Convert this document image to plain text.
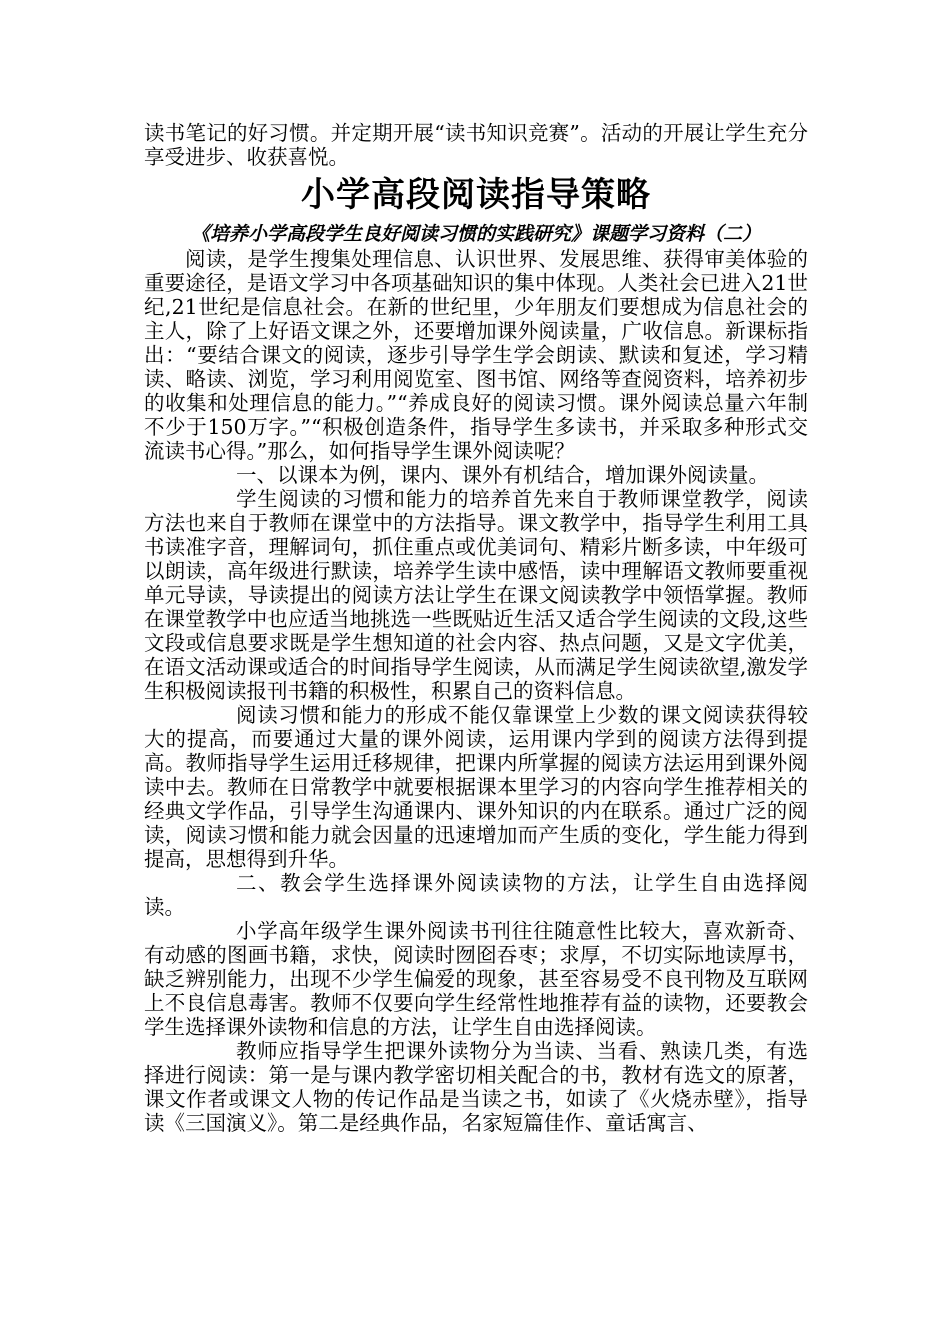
读书笔记的好习惯。并定期开展“读书知识竞赛”。活动的开展让学生充分享受进步、收获喜悦。

小学高段阅读指导策略
《培养小学高段学生良好阅读习惯的实践研究》课题学习资料（二）

阅读，是学生搜集处理信息、认识世界、发展思维、获得审美体验的重要途径，是语文学习中各项基础知识的集中体现。人类社会已进入21世纪,21世纪是信息社会。在新的世纪里，少年朋友们要想成为信息社会的主人，除了上好语文课之外，还要增加课外阅读量，广收信息。新课标指出：“要结合课文的阅读，逐步引导学生学会朗读、默读和复述，学习精读、略读、浏览，学习利用阅览室、图书馆、网络等查阅资料，培养初步的收集和处理信息的能力。”“养成良好的阅读习惯。课外阅读总量六年制不少于150万字。”“积极创造条件，指导学生多读书，并采取多种形式交流读书心得。”那么，如何指导学生课外阅读呢？

一、以课本为例，课内、课外有机结合，增加课外阅读量。

学生阅读的习惯和能力的培养首先来自于教师课堂教学，阅读方法也来自于教师在课堂中的方法指导。课文教学中，指导学生利用工具书读准字音，理解词句，抓住重点或优美词句、精彩片断多读，中年级可以朗读，高年级进行默读，培养学生读中感悟，读中理解语文教师要重视单元导读，导读提出的阅读方法让学生在课文阅读教学中领悟掌握。教师在课堂教学中也应适当地挑选一些既贴近生活又适合学生阅读的文段,这些文段或信息要求既是学生想知道的社会内容、热点问题，又是文字优美，在语文活动课或适合的时间指导学生阅读，从而满足学生阅读欲望,激发学生积极阅读报刊书籍的积极性，积累自己的资料信息。

阅读习惯和能力的形成不能仅靠课堂上少数的课文阅读获得较大的提高，而要通过大量的课外阅读，运用课内学到的阅读方法得到提高。教师指导学生运用迁移规律，把课内所掌握的阅读方法运用到课外阅读中去。教师在日常教学中就要根据课本里学习的内容向学生推荐相关的经典文学作品，引导学生沟通课内、课外知识的内在联系。通过广泛的阅读，阅读习惯和能力就会因量的迅速增加而产生质的变化，学生能力得到提高，思想得到升华。

二、教会学生选择课外阅读读物的方法，让学生自由选择阅读。

小学高年级学生课外阅读书刊往往随意性比较大，喜欢新奇、有动感的图画书籍，求快，阅读时囫囵吞枣；求厚，不切实际地读厚书，缺乏辨别能力，出现不少学生偏爱的现象，甚至容易受不良刊物及互联网上不良信息毒害。教师不仅要向学生经常性地推荐有益的读物，还要教会学生选择课外读物和信息的方法，让学生自由选择阅读。

教师应指导学生把课外读物分为当读、当看、熟读几类，有选择进行阅读：第一是与课内教学密切相关配合的书，教材有选文的原著，课文作者或课文人物的传记作品是当读之书，如读了《火烧赤壁》，指导读《三国演义》。第二是经典作品，名家短篇佳作、童话寓言、
